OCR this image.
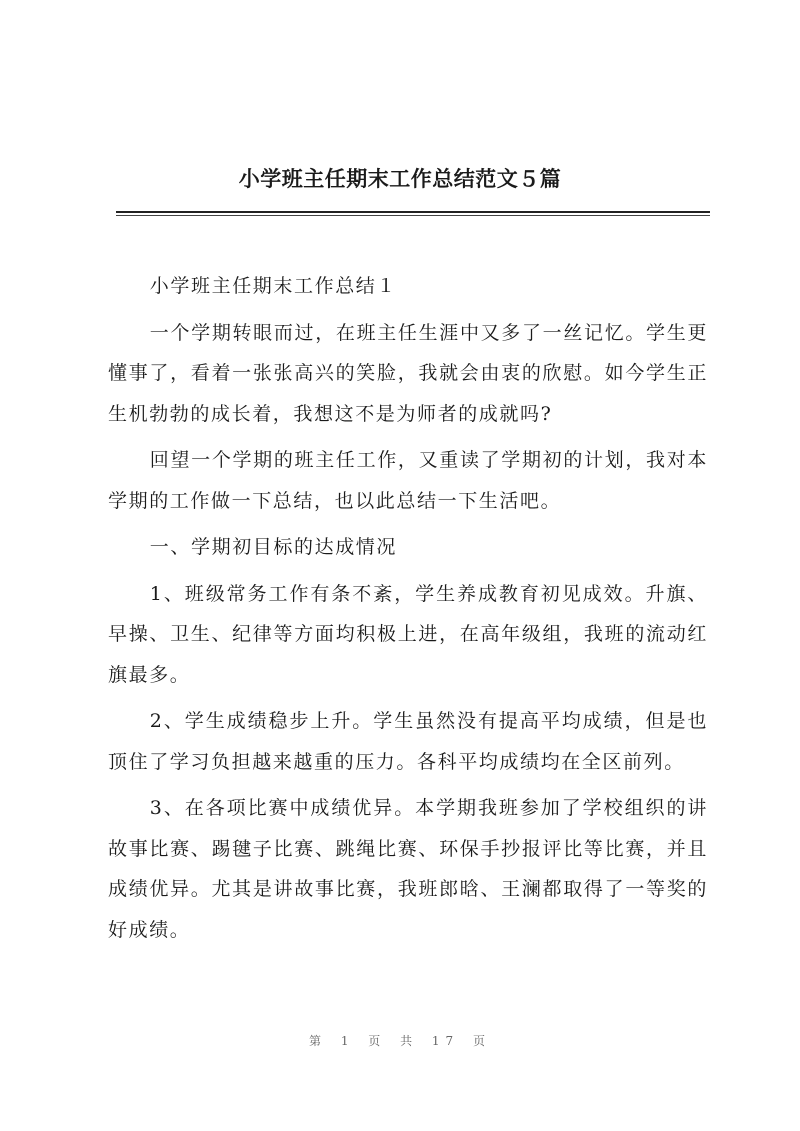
小学班主任期末工作总结范文５篇

小学班主任期末工作总结１

一个学期转眼而过，在班主任生涯中又多了一丝记忆。学生更懂事了，看着一张张高兴的笑脸，我就会由衷的欣慰。如今学生正生机勃勃的成长着，我想这不是为师者的成就吗?

回望一个学期的班主任工作，又重读了学期初的计划，我对本学期的工作做一下总结，也以此总结一下生活吧。

一、学期初目标的达成情况

1、班级常务工作有条不紊，学生养成教育初见成效。升旗、早操、卫生、纪律等方面均积极上进，在高年级组，我班的流动红旗最多。

2、学生成绩稳步上升。学生虽然没有提高平均成绩，但是也顶住了学习负担越来越重的压力。各科平均成绩均在全区前列。

3、在各项比赛中成绩优异。本学期我班参加了学校组织的讲故事比赛、踢毽子比赛、跳绳比赛、环保手抄报评比等比赛，并且成绩优异。尤其是讲故事比赛，我班郎晗、王澜都取得了一等奖的好成绩。

第 1 页 共 17 页
